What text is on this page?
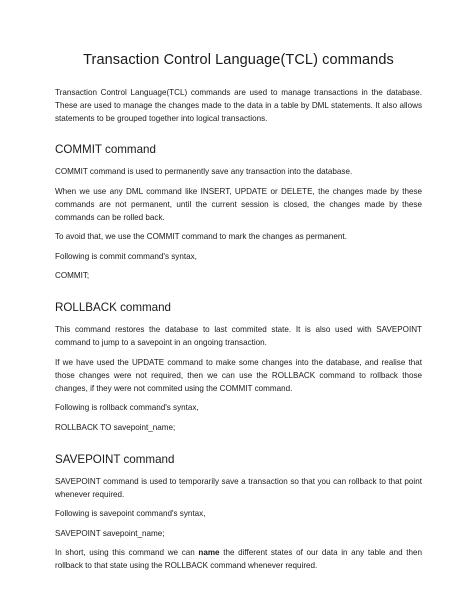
Transaction Control Language(TCL) commands

Transaction Control Language(TCL) commands are used to manage transactions in the database. These are used to manage the changes made to the data in a table by DML statements. It also allows statements to be grouped together into logical transactions.

COMMIT command

COMMIT command is used to permanently save any transaction into the database.

When we use any DML command like INSERT, UPDATE or DELETE, the changes made by these commands are not permanent, until the current session is closed, the changes made by these commands can be rolled back.

To avoid that, we use the COMMIT command to mark the changes as permanent.

Following is commit command's syntax,

COMMIT;

ROLLBACK command

This command restores the database to last commited state. It is also used with SAVEPOINT command to jump to a savepoint in an ongoing transaction.

If we have used the UPDATE command to make some changes into the database, and realise that those changes were not required, then we can use the ROLLBACK command to rollback those changes, if they were not commited using the COMMIT command.

Following is rollback command's syntax,

ROLLBACK TO savepoint_name;

SAVEPOINT command

SAVEPOINT command is used to temporarily save a transaction so that you can rollback to that point whenever required.

Following is savepoint command's syntax,

SAVEPOINT savepoint_name;

In short, using this command we can name the different states of our data in any table and then rollback to that state using the ROLLBACK command whenever required.
